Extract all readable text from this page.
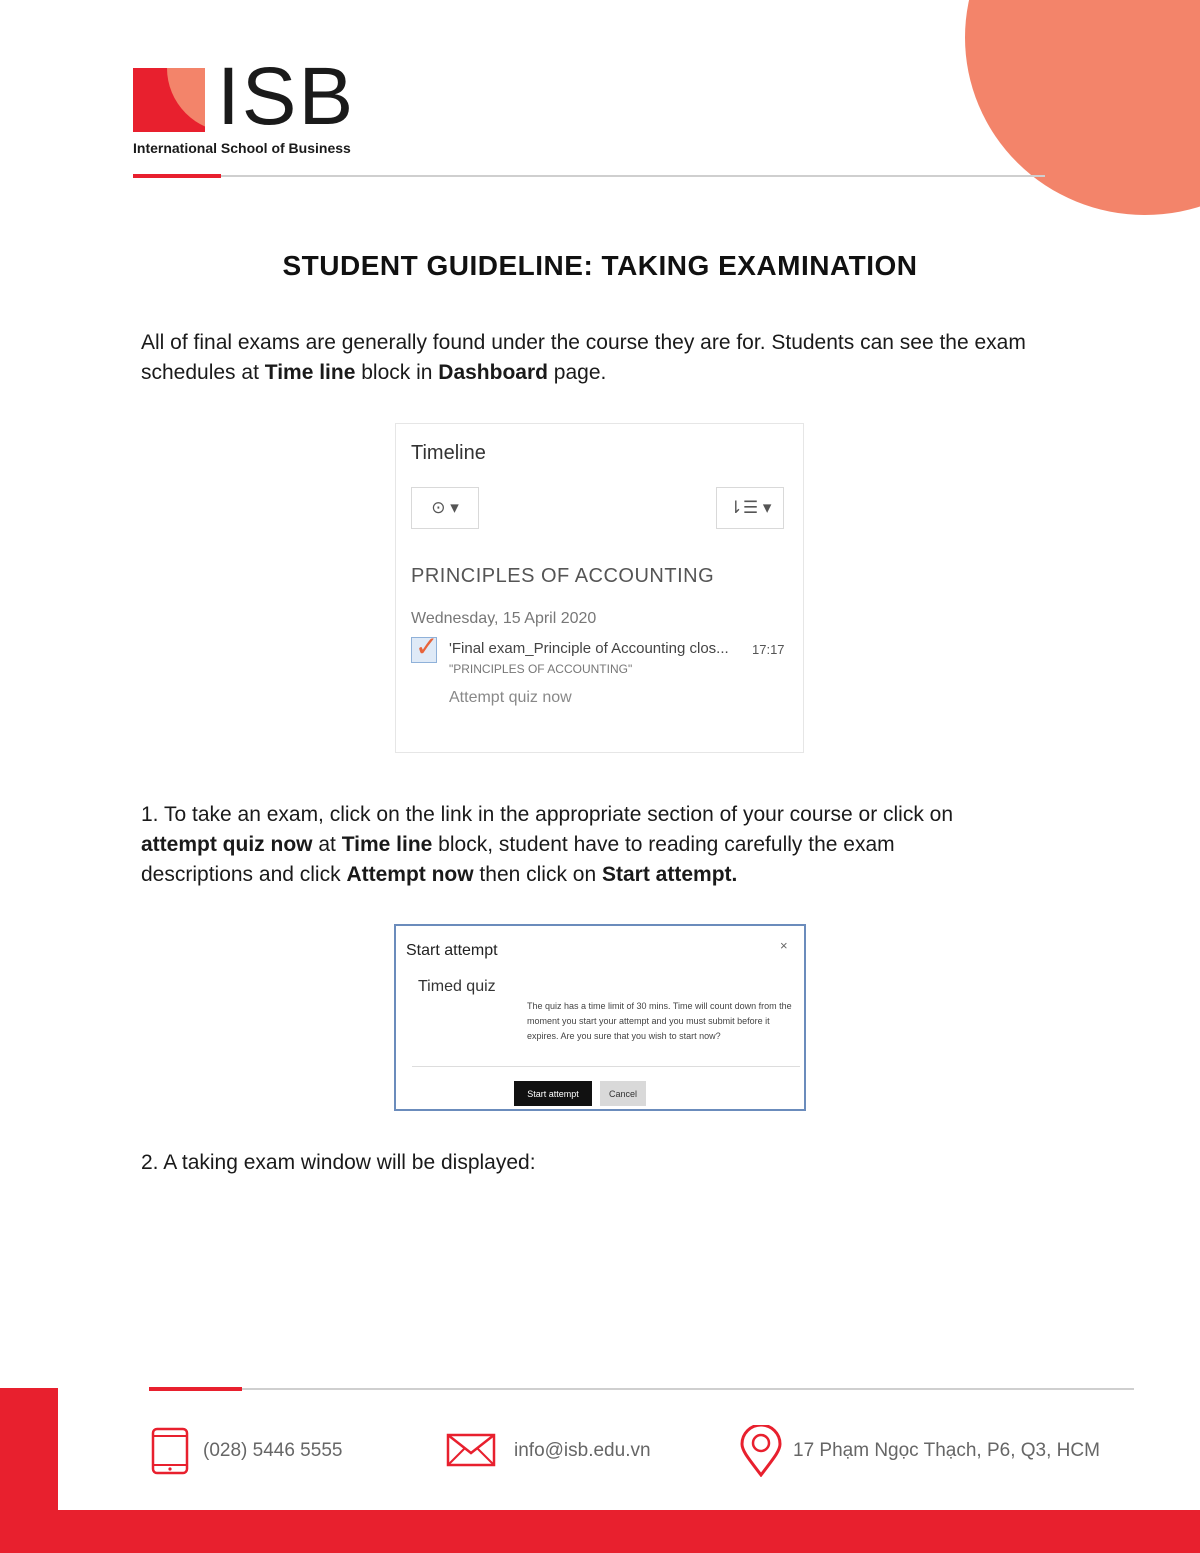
ISB
International School of Business
STUDENT GUIDELINE: TAKING EXAMINATION
All of final exams are generally found under the course they are for. Students can see the exam schedules at Time line block in Dashboard page.
Timeline
⊙ ▾	⇂☰ ▾
PRINCIPLES OF ACCOUNTING
Wednesday, 15 April 2020
✓ 'Final exam_Principle of Accounting clos... 17:17
"PRINCIPLES OF ACCOUNTING"
Attempt quiz now
1. To take an exam, click on the link in the appropriate section of your course or click on attempt quiz now at Time line block, student have to reading carefully the exam descriptions and click Attempt now then click on Start attempt.
Start attempt	×
Timed quiz
The quiz has a time limit of 30 mins. Time will count down from the moment you start your attempt and you must submit before it expires. Are you sure that you wish to start now?
Start attempt	Cancel
2. A taking exam window will be displayed:
(028) 5446 5555	info@isb.edu.vn	17 Phạm Ngọc Thạch, P6, Q3, HCM
